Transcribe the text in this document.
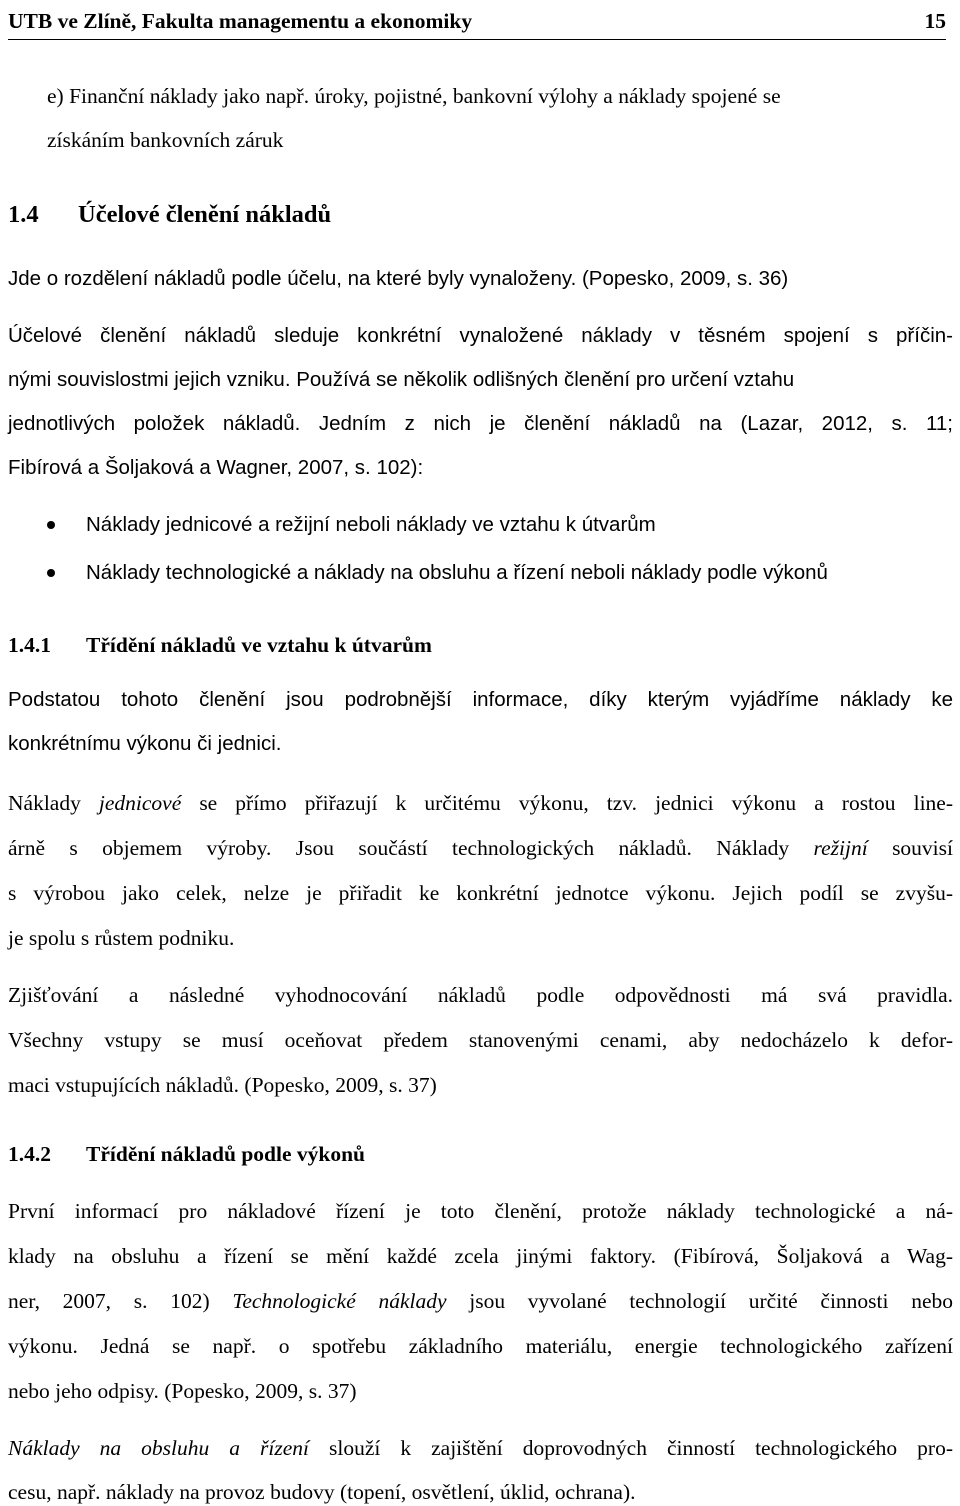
UTB ve Zlíně, Fakulta managementu a ekonomiky	15
e) Finanční náklady jako např. úroky, pojistné, bankovní výlohy a náklady spojené se
získáním bankovních záruk
1.4 Účelové členění nákladů
Jde o rozdělení nákladů podle účelu, na které byly vynaloženy. (Popesko, 2009, s. 36)
Účelové členění nákladů sleduje konkrétní vynaložené náklady v těsném spojení s příčin-
nými souvislostmi jejich vzniku. Používá se několik odlišných členění pro určení vztahu
jednotlivých položek nákladů. Jedním z nich je členění nákladů na (Lazar, 2012, s. 11;
Fibírová a Šoljaková a Wagner, 2007, s. 102):
Náklady jednicové a režijní neboli náklady ve vztahu k útvarům
Náklady technologické a náklady na obsluhu a řízení neboli náklady podle výkonů
1.4.1 Třídění nákladů ve vztahu k útvarům
Podstatou tohoto členění jsou podrobnější informace, díky kterým vyjádříme náklady ke
konkrétnímu výkonu či jednici.
Náklady jednicové se přímo přiřazují k určitému výkonu, tzv. jednici výkonu a rostou line-
árně s objemem výroby. Jsou součástí technologických nákladů. Náklady režijní souvisí
s výrobou jako celek, nelze je přiřadit ke konkrétní jednotce výkonu. Jejich podíl se zvyšu-
je spolu s růstem podniku.
Zjišťování a následné vyhodnocování nákladů podle odpovědnosti má svá pravidla.
Všechny vstupy se musí oceňovat předem stanovenými cenami, aby nedocházelo k defor-
maci vstupujících nákladů. (Popesko, 2009, s. 37)
1.4.2 Třídění nákladů podle výkonů
První informací pro nákladové řízení je toto členění, protože náklady technologické a ná-
klady na obsluhu a řízení se mění každé zcela jinými faktory. (Fibírová, Šoljaková a Wag-
ner, 2007, s. 102) Technologické náklady jsou vyvolané technologií určité činnosti nebo
výkonu. Jedná se např. o spotřebu základního materiálu, energie technologického zařízení
nebo jeho odpisy. (Popesko, 2009, s. 37)
Náklady na obsluhu a řízení slouží k zajištění doprovodných činností technologického pro-
cesu, např. náklady na provoz budovy (topení, osvětlení, úklid, ochrana).
